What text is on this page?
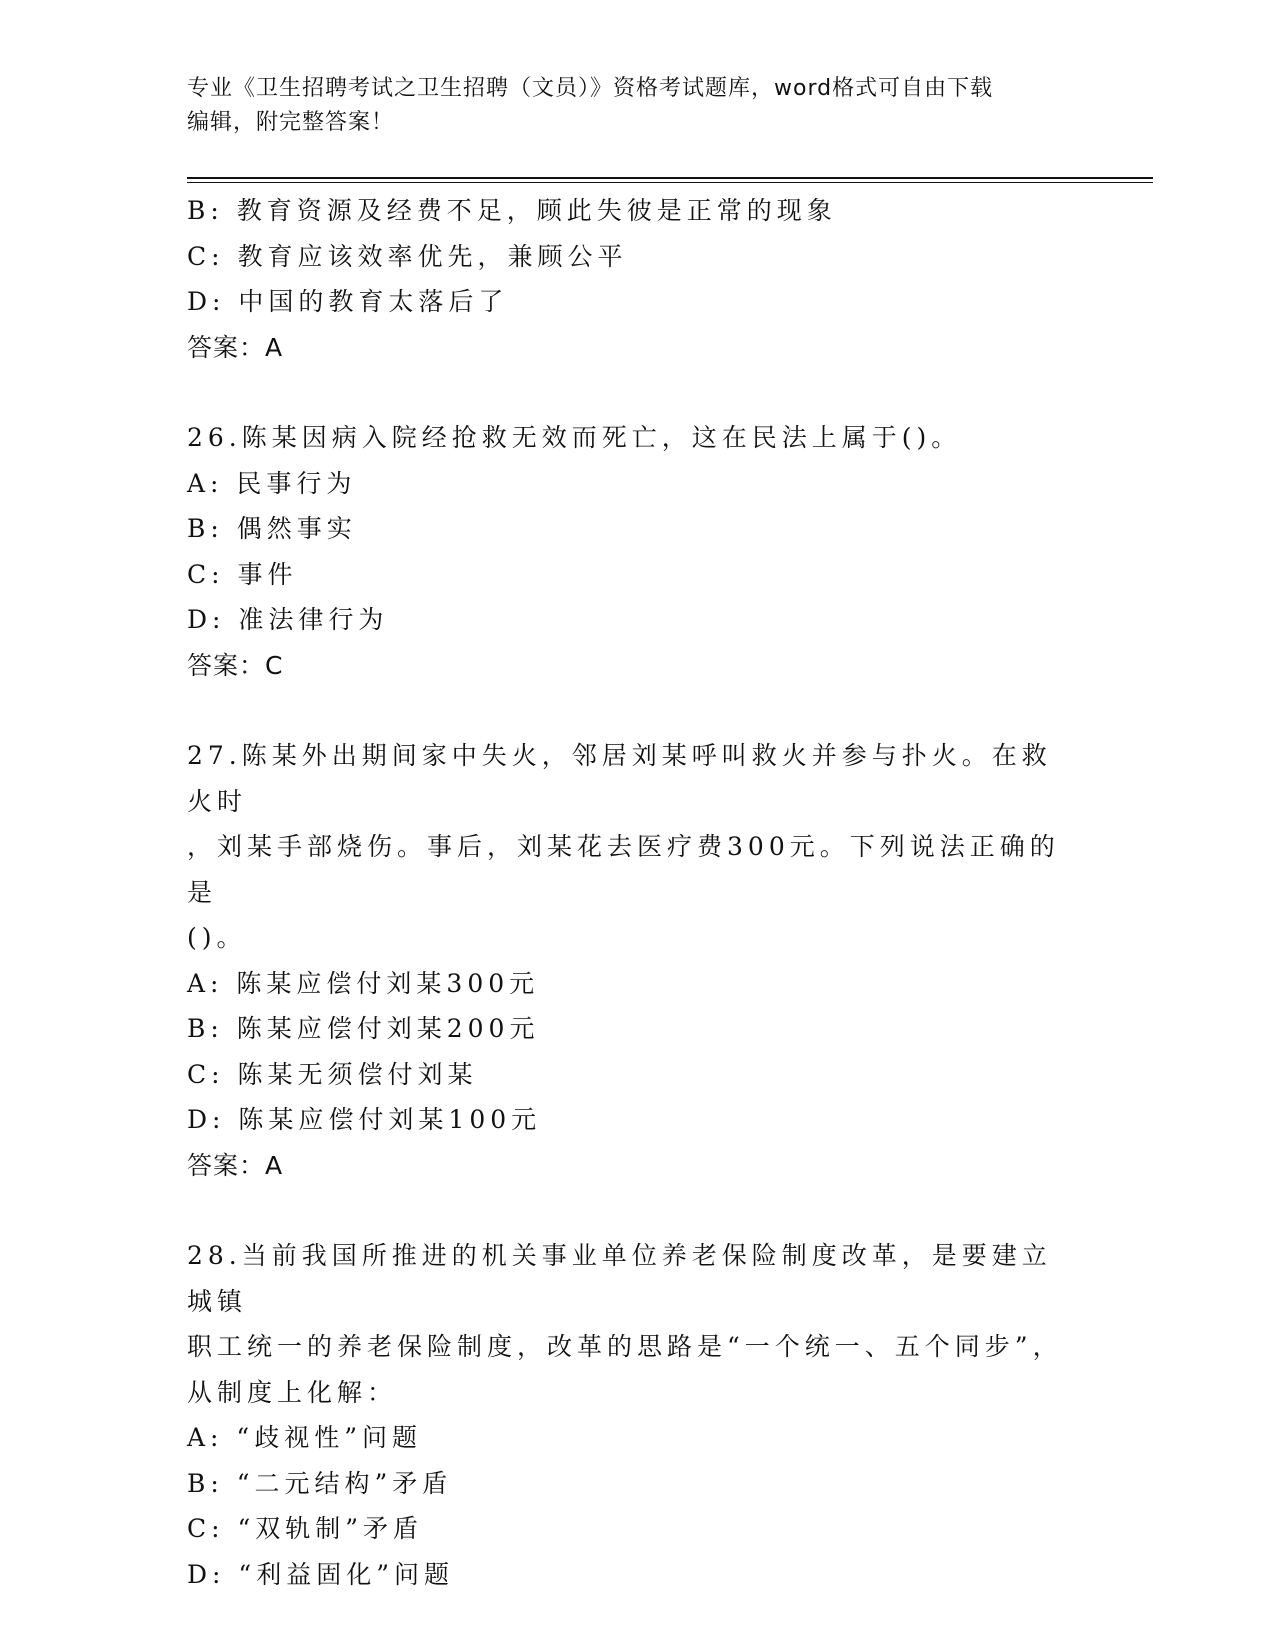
专业《卫生招聘考试之卫生招聘（文员）》资格考试题库，word格式可自由下载
编辑，附完整答案！
B: 教育资源及经费不足，顾此失彼是正常的现象
C: 教育应该效率优先，兼顾公平
D: 中国的教育太落后了
答案：A
26.陈某因病入院经抢救无效而死亡，这在民法上属于()。
A: 民事行为
B: 偶然事实
C: 事件
D: 准法律行为
答案：C
27.陈某外出期间家中失火，邻居刘某呼叫救火并参与扑火。在救火时
，刘某手部烧伤。事后，刘某花去医疗费300元。下列说法正确的是
()。
A: 陈某应偿付刘某300元
B: 陈某应偿付刘某200元
C: 陈某无须偿付刘某
D: 陈某应偿付刘某100元
答案：A
28.当前我国所推进的机关事业单位养老保险制度改革，是要建立城镇
职工统一的养老保险制度，改革的思路是“一个统一、五个同步”，
从制度上化解：
A: “歧视性”问题
B: “二元结构”矛盾
C: “双轨制”矛盾
D: “利益固化”问题
